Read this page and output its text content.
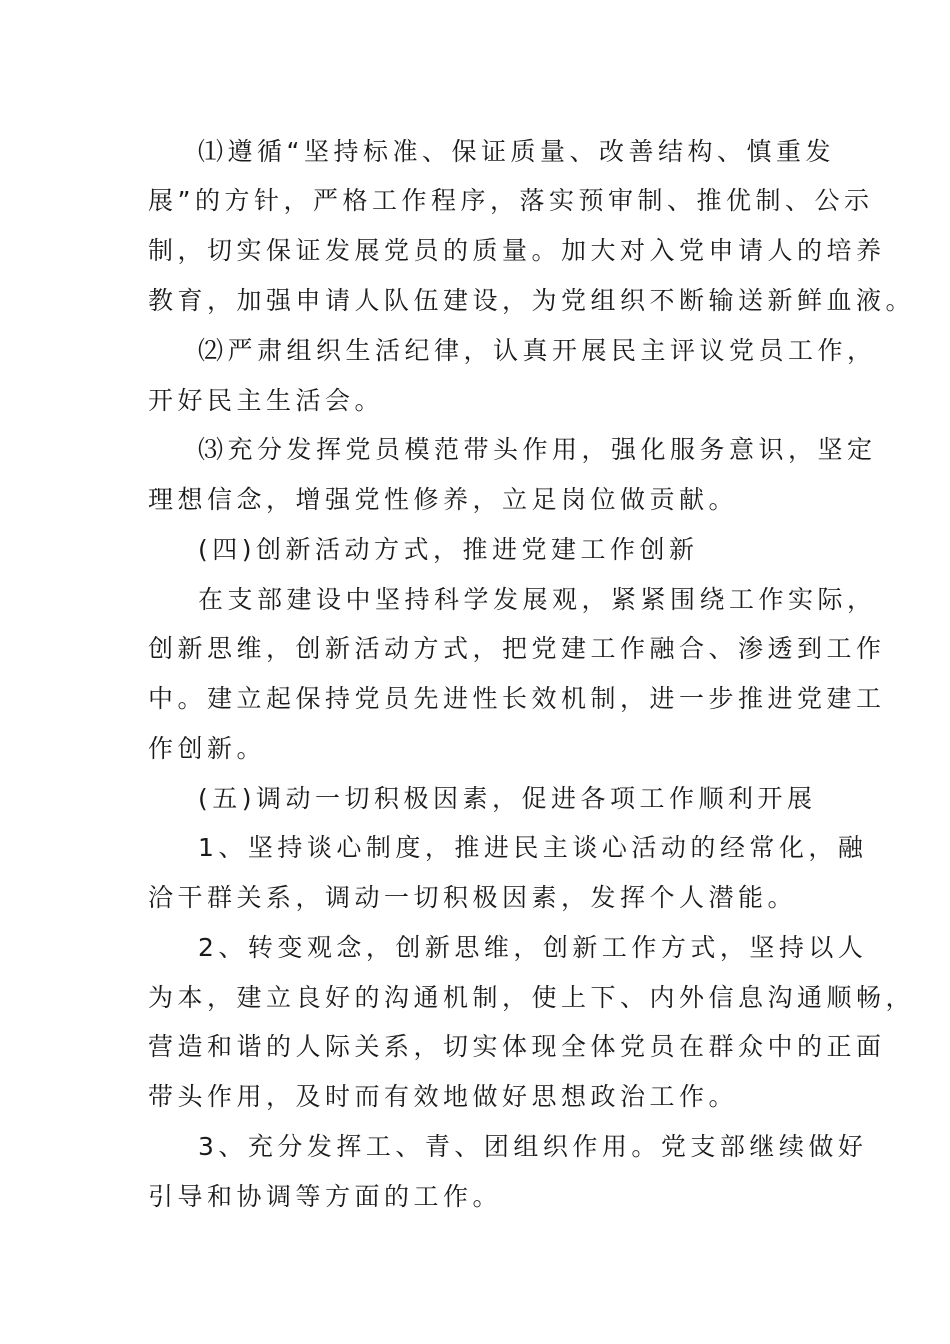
⑴遵循“坚持标准、保证质量、改善结构、慎重发
展”的方针，严格工作程序，落实预审制、推优制、公示
制，切实保证发展党员的质量。加大对入党申请人的培养
教育，加强申请人队伍建设，为党组织不断输送新鲜血液。
⑵严肃组织生活纪律，认真开展民主评议党员工作，
开好民主生活会。
⑶充分发挥党员模范带头作用，强化服务意识，坚定
理想信念，增强党性修养，立足岗位做贡献。
(四)创新活动方式，推进党建工作创新
在支部建设中坚持科学发展观，紧紧围绕工作实际，
创新思维，创新活动方式，把党建工作融合、渗透到工作
中。建立起保持党员先进性长效机制，进一步推进党建工
作创新。
(五)调动一切积极因素，促进各项工作顺利开展
1、坚持谈心制度，推进民主谈心活动的经常化，融
洽干群关系，调动一切积极因素，发挥个人潜能。
2、转变观念，创新思维，创新工作方式，坚持以人
为本，建立良好的沟通机制，使上下、内外信息沟通顺畅，
营造和谐的人际关系，切实体现全体党员在群众中的正面
带头作用，及时而有效地做好思想政治工作。
3、充分发挥工、青、团组织作用。党支部继续做好
引导和协调等方面的工作。
